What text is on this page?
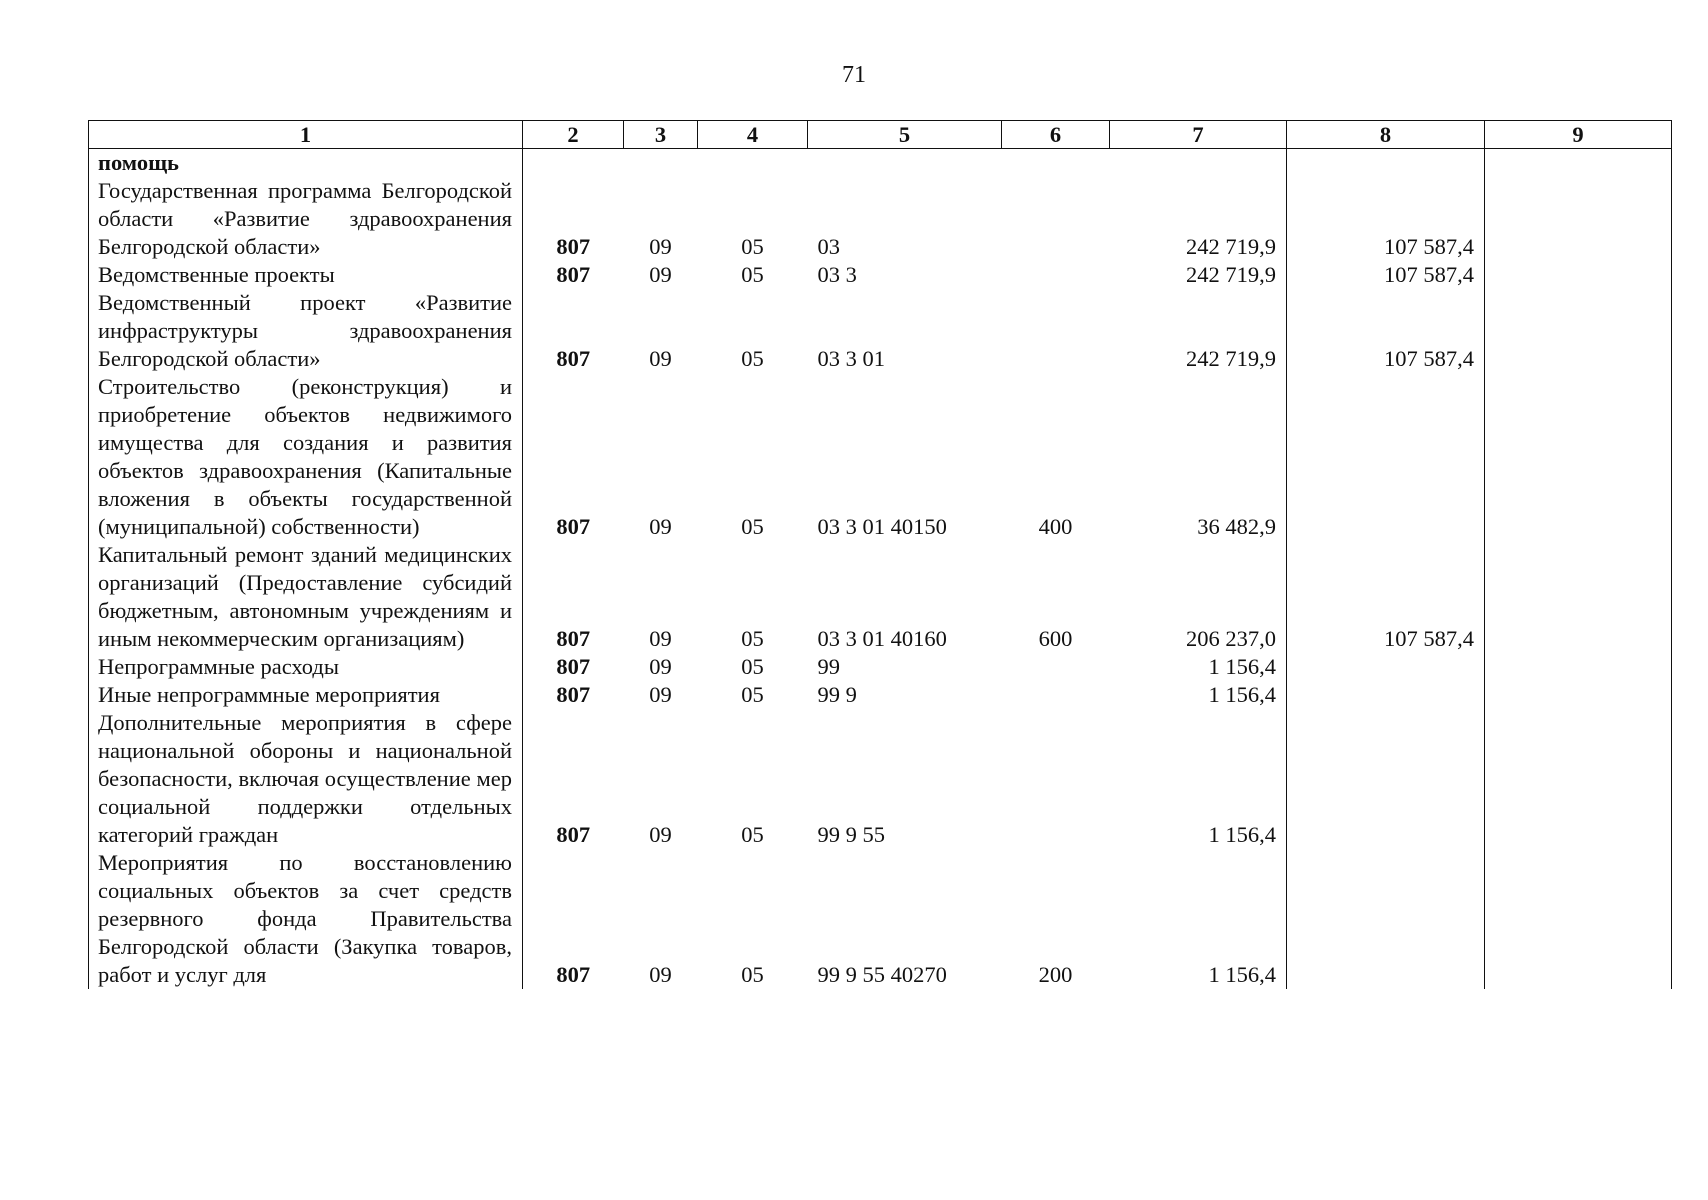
71
1	2	3	4	5	6	7	8	9
помощь								
Государственная программа Белгородской области «Развитие здравоохранения Белгородской области»	807	09	05	03		242 719,9	107 587,4	
Ведомственные проекты	807	09	05	03 3		242 719,9	107 587,4	
Ведомственный проект «Развитие инфраструктуры здравоохранения Белгородской области»	807	09	05	03 3 01		242 719,9	107 587,4	
Строительство (реконструкция) и приобретение объектов недвижимого имущества для создания и развития объектов здравоохранения (Капитальные вложения в объекты государственной (муниципальной) собственности)	807	09	05	03 3 01 40150	400	36 482,9		
Капитальный ремонт зданий медицинских организаций (Предоставление субсидий бюджетным, автономным учреждениям и иным некоммерческим организациям)	807	09	05	03 3 01 40160	600	206 237,0	107 587,4	
Непрограммные расходы	807	09	05	99		1 156,4		
Иные непрограммные мероприятия	807	09	05	99 9		1 156,4		
Дополнительные мероприятия в сфере национальной обороны и национальной безопасности, включая осуществление мер социальной поддержки отдельных категорий граждан	807	09	05	99 9 55		1 156,4		
Мероприятия по восстановлению социальных объектов за счет средств резервного фонда Правительства Белгородской области (Закупка товаров, работ и услуг для	807	09	05	99 9 55 40270	200	1 156,4		
